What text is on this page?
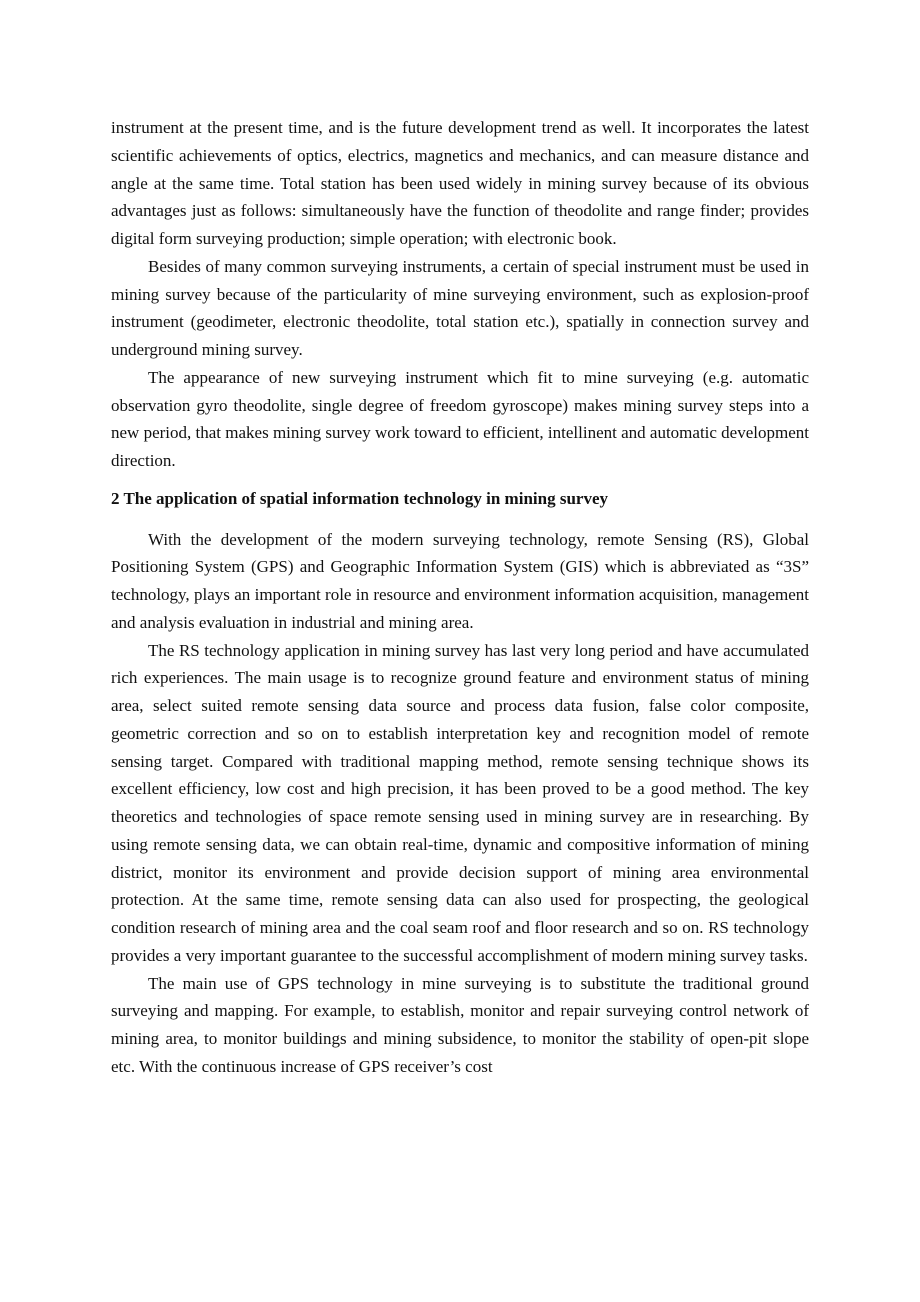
instrument at the present time, and is the future development trend as well. It incorporates the latest scientific achievements of optics, electrics, magnetics and mechanics, and can measure distance and angle at the same time. Total station has been used widely in mining survey because of its obvious advantages just as follows: simultaneously have the function of theodolite and range finder; provides digital form surveying production; simple operation; with electronic book.

Besides of many common surveying instruments, a certain of special instrument must be used in mining survey because of the particularity of mine surveying environment, such as explosion-proof instrument (geodimeter, electronic theodolite, total station etc.), spatially in connection survey and underground mining survey.

The appearance of new surveying instrument which fit to mine surveying (e.g. automatic observation gyro theodolite, single degree of freedom gyroscope) makes mining survey steps into a new period, that makes mining survey work toward to efficient, intellinent and automatic development direction.

2 The application of spatial information technology in mining survey

With the development of the modern surveying technology, remote Sensing (RS), Global Positioning System (GPS) and Geographic Information System (GIS) which is abbreviated as “3S” technology, plays an important role in resource and environment information acquisition, management and analysis evaluation in industrial and mining area.

The RS technology application in mining survey has last very long period and have accumulated rich experiences. The main usage is to recognize ground feature and environment status of mining area, select suited remote sensing data source and process data fusion, false color composite, geometric correction and so on to establish interpretation key and recognition model of remote sensing target. Compared with traditional mapping method, remote sensing technique shows its excellent efficiency, low cost and high precision, it has been proved to be a good method. The key theoretics and technologies of space remote sensing used in mining survey are in researching. By using remote sensing data, we can obtain real-time, dynamic and compositive information of mining district, monitor its environment and provide decision support of mining area environmental protection. At the same time, remote sensing data can also used for prospecting, the geological condition research of mining area and the coal seam roof and floor research and so on. RS technology provides a very important guarantee to the successful accomplishment of modern mining survey tasks.

The main use of GPS technology in mine surveying is to substitute the traditional ground surveying and mapping. For example, to establish, monitor and repair surveying control network of mining area, to monitor buildings and mining subsidence, to monitor the stability of open-pit slope etc. With the continuous increase of GPS receiver’s cost
